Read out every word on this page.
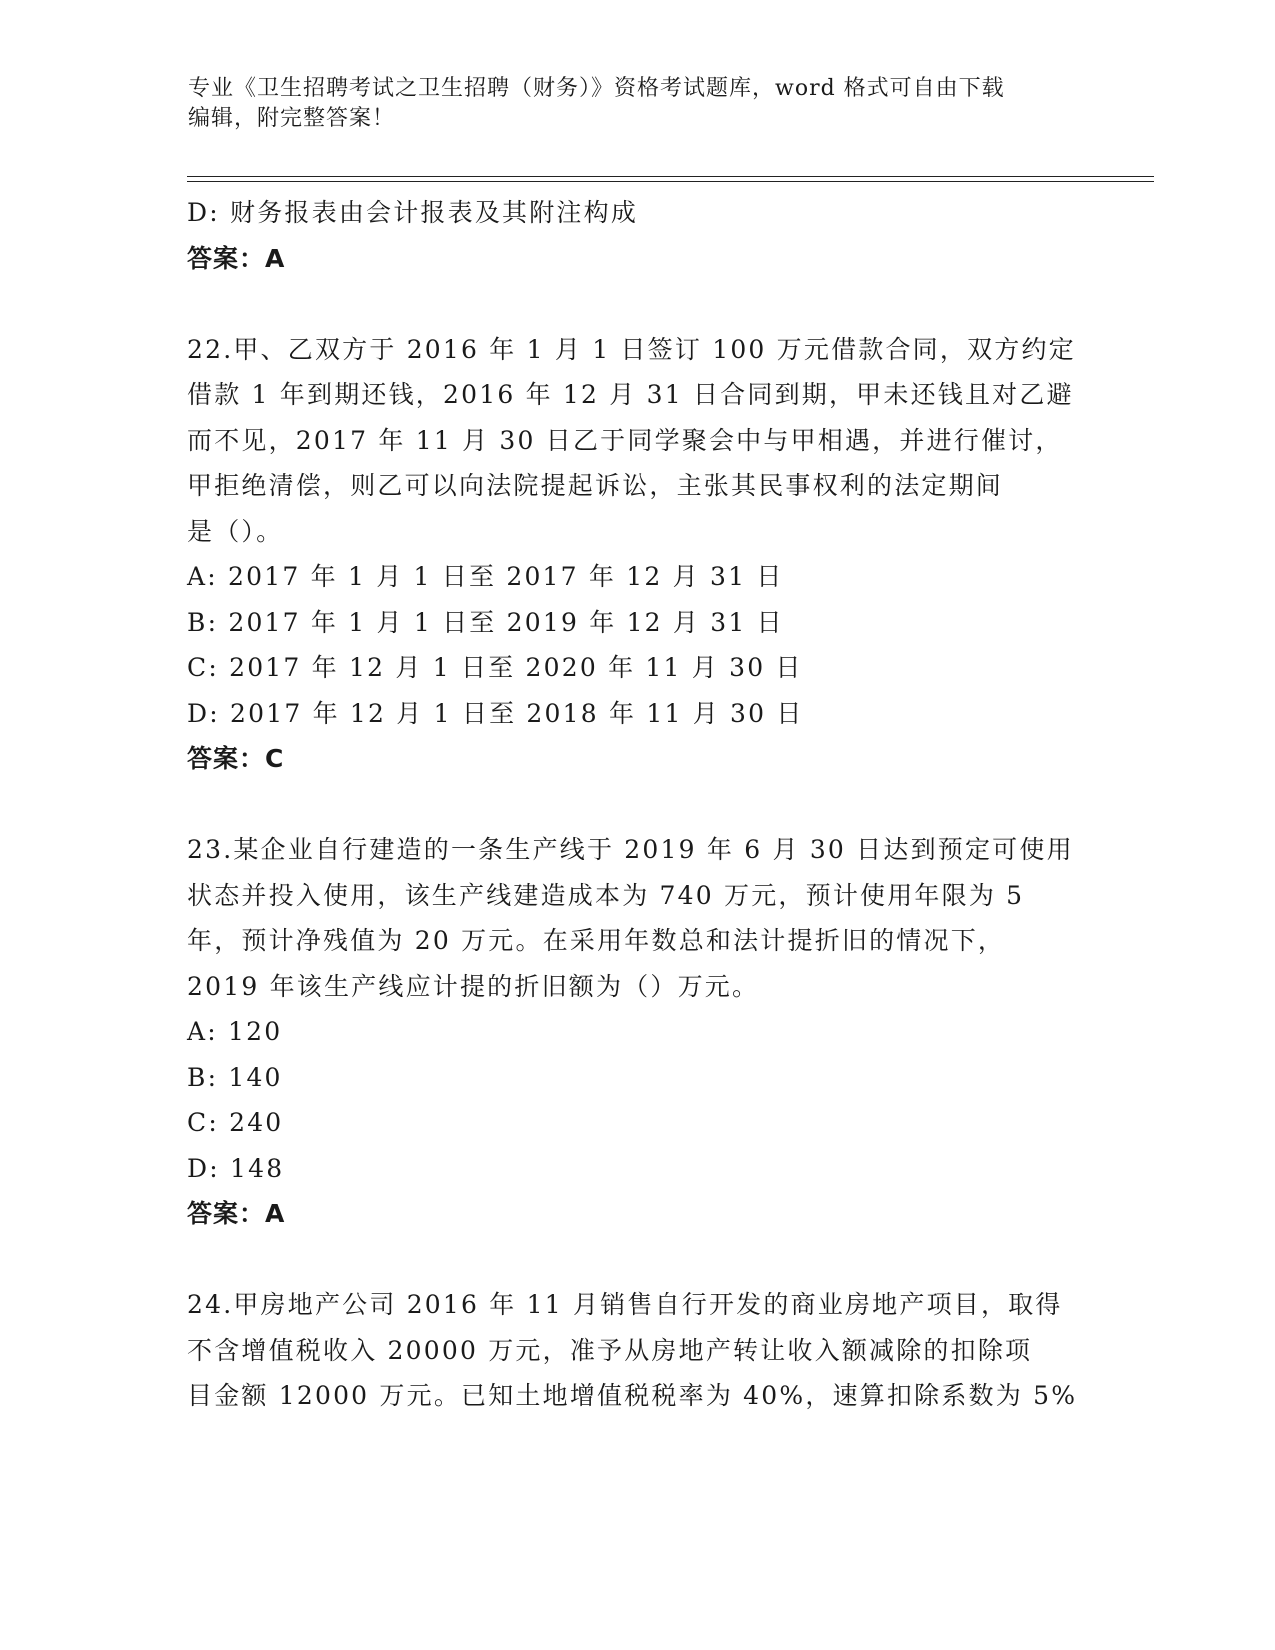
专业《卫生招聘考试之卫生招聘（财务）》资格考试题库，word 格式可自由下载
编辑，附完整答案！
D: 财务报表由会计报表及其附注构成
答案：A
22.甲、乙双方于 2016 年 1 月 1 日签订 100 万元借款合同，双方约定
借款 1 年到期还钱，2016 年 12 月 31 日合同到期，甲未还钱且对乙避
而不见，2017 年 11 月 30 日乙于同学聚会中与甲相遇，并进行催讨，
甲拒绝清偿，则乙可以向法院提起诉讼，主张其民事权利的法定期间
是（）。
A: 2017 年 1 月 1 日至 2017 年 12 月 31 日
B: 2017 年 1 月 1 日至 2019 年 12 月 31 日
C: 2017 年 12 月 1 日至 2020 年 11 月 30 日
D: 2017 年 12 月 1 日至 2018 年 11 月 30 日
答案：C
23.某企业自行建造的一条生产线于 2019 年 6 月 30 日达到预定可使用
状态并投入使用，该生产线建造成本为 740 万元，预计使用年限为 5
年，预计净残值为 20 万元。在采用年数总和法计提折旧的情况下，
2019 年该生产线应计提的折旧额为（）万元。
A: 120
B: 140
C: 240
D: 148
答案：A
24.甲房地产公司 2016 年 11 月销售自行开发的商业房地产项目，取得
不含增值税收入 20000 万元，准予从房地产转让收入额减除的扣除项
目金额 12000 万元。已知土地增值税税率为 40%，速算扣除系数为 5%
